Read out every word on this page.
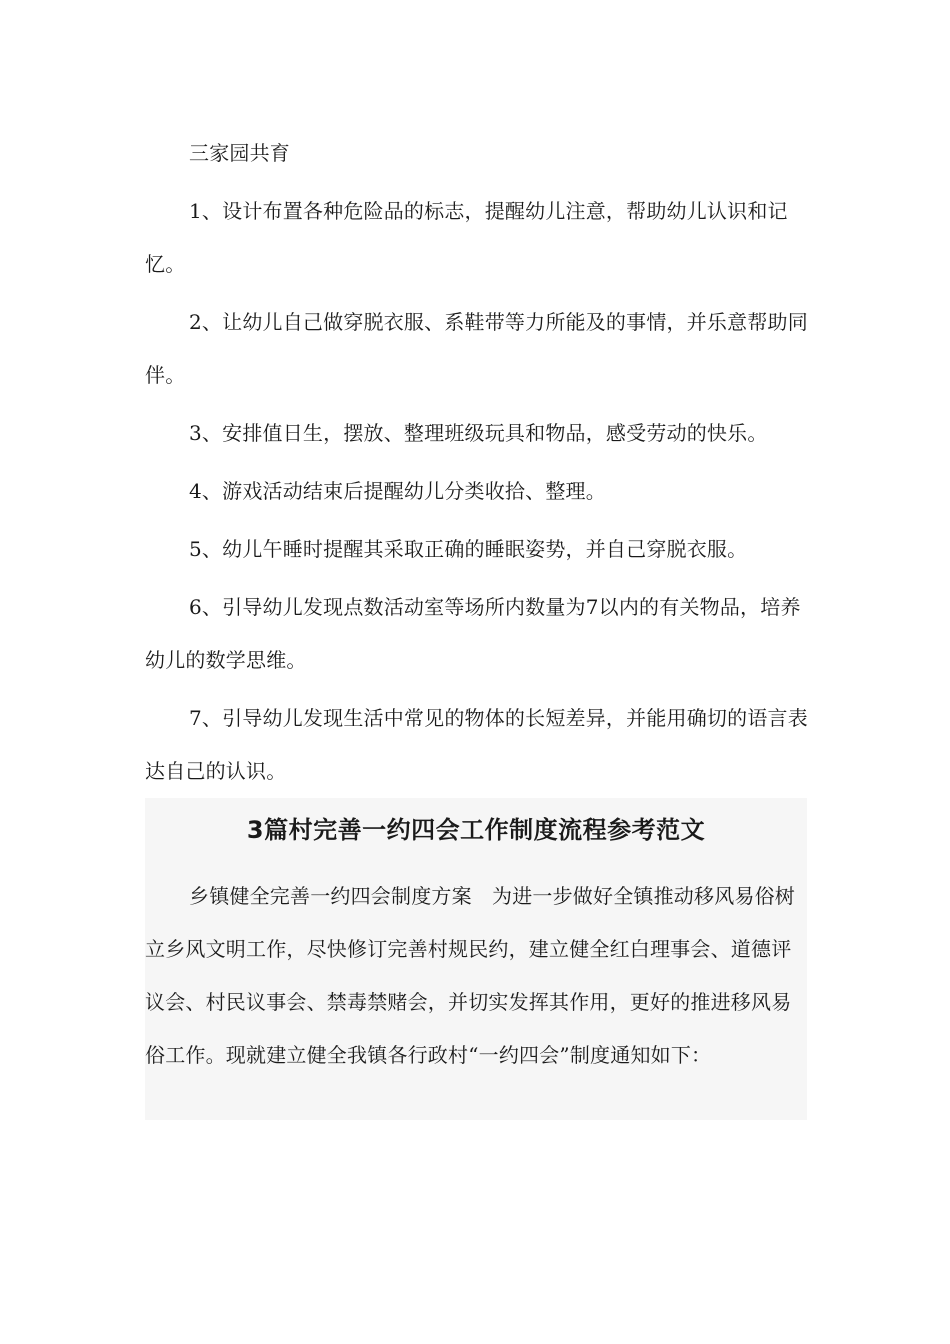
三家园共育

1、设计布置各种危险品的标志，提醒幼儿注意，帮助幼儿认识和记忆。

2、让幼儿自己做穿脱衣服、系鞋带等力所能及的事情，并乐意帮助同伴。

3、安排值日生，摆放、整理班级玩具和物品，感受劳动的快乐。

4、游戏活动结束后提醒幼儿分类收拾、整理。

5、幼儿午睡时提醒其采取正确的睡眠姿势，并自己穿脱衣服。

6、引导幼儿发现点数活动室等场所内数量为7以内的有关物品，培养幼儿的数学思维。

7、引导幼儿发现生活中常见的物体的长短差异，并能用确切的语言表达自己的认识。

3篇村完善一约四会工作制度流程参考范文

乡镇健全完善一约四会制度方案　为进一步做好全镇推动移风易俗树立乡风文明工作，尽快修订完善村规民约，建立健全红白理事会、道德评议会、村民议事会、禁毒禁赌会，并切实发挥其作用，更好的推进移风易俗工作。现就建立健全我镇各行政村“一约四会”制度通知如下：
